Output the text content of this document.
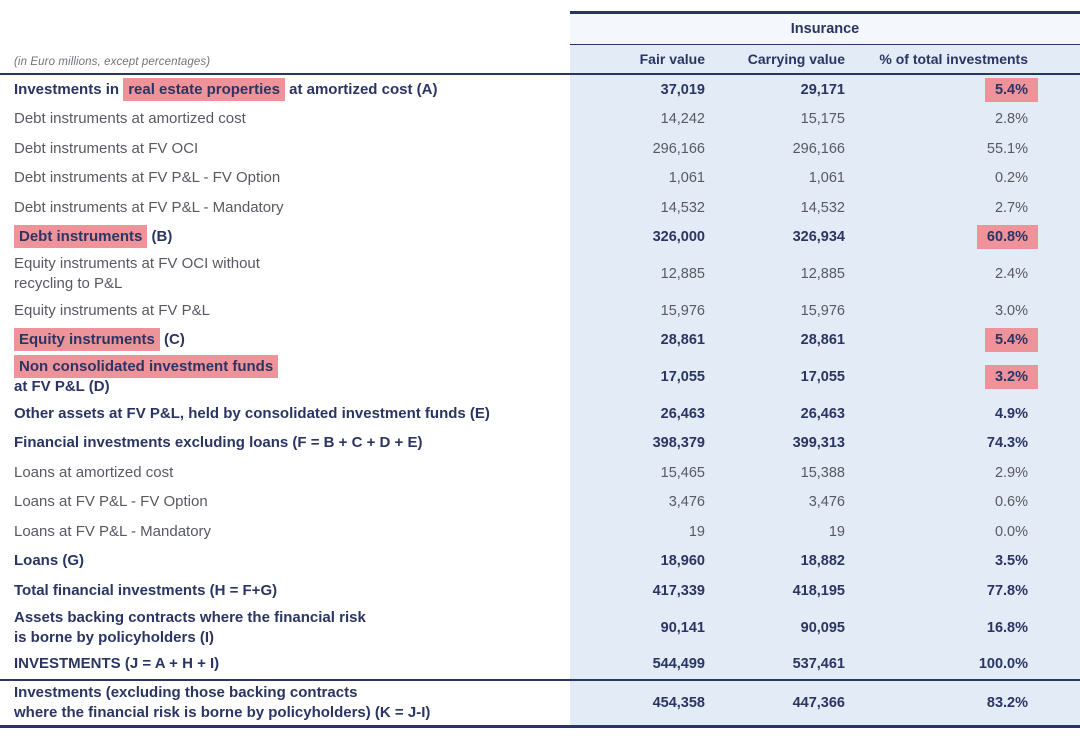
(in Euro millions, except percentages)
Insurance
Fair value	Carrying value	% of total investments
Investments in real estate properties at amortized cost (A)	37,019	29,171	5.4%
Debt instruments at amortized cost	14,242	15,175	2.8%
Debt instruments at FV OCI	296,166	296,166	55.1%
Debt instruments at FV P&L - FV Option	1,061	1,061	0.2%
Debt instruments at FV P&L - Mandatory	14,532	14,532	2.7%
Debt instruments (B)	326,000	326,934	60.8%
Equity instruments at FV OCI without
recycling to P&L
12,885	12,885	2.4%
Equity instruments at FV P&L	15,976	15,976	3.0%
Equity instruments (C)	28,861	28,861	5.4%
Non consolidated investment funds
at FV P&L (D)
17,055	17,055	3.2%
Other assets at FV P&L, held by consolidated investment funds (E)	26,463	26,463	4.9%
Financial investments excluding loans (F = B + C + D + E)	398,379	399,313	74.3%
Loans at amortized cost	15,465	15,388	2.9%
Loans at FV P&L - FV Option	3,476	3,476	0.6%
Loans at FV P&L - Mandatory	19	19	0.0%
Loans (G)	18,960	18,882	3.5%
Total financial investments (H = F+G)	417,339	418,195	77.8%
Assets backing contracts where the financial risk
is borne by policyholders (I)
90,141	90,095	16.8%
INVESTMENTS (J = A + H + I)	544,499	537,461	100.0%
Investments (excluding those backing contracts
where the financial risk is borne by policyholders) (K = J-I)
454,358	447,366	83.2%
